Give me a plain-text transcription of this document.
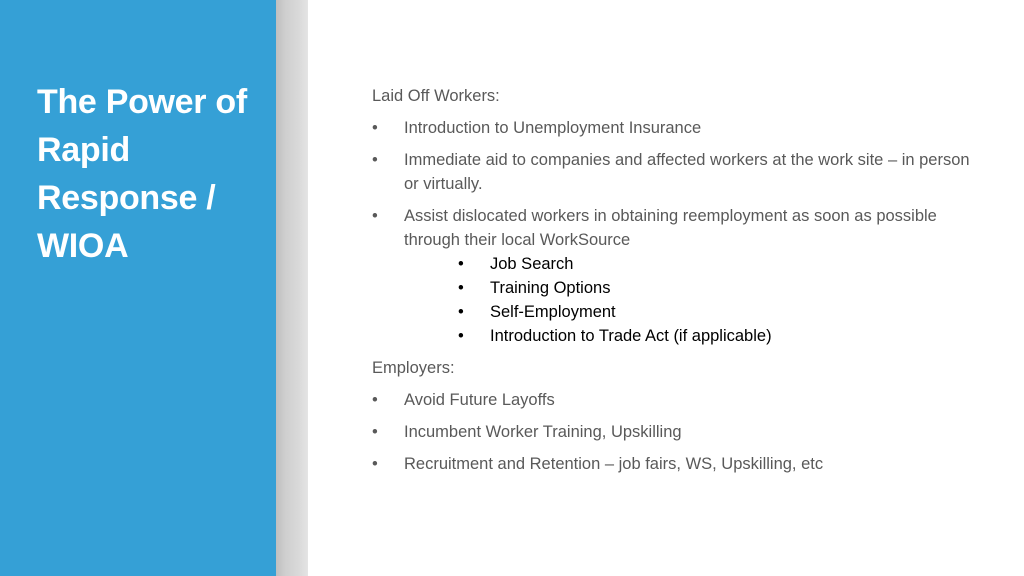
The Power of Rapid Response / WIOA
Laid Off Workers:
• Introduction to Unemployment Insurance
• Immediate aid to companies and affected workers at the work site – in person or virtually.
• Assist dislocated workers in obtaining reemployment as soon as possible through their local WorkSource
• Job Search
• Training Options
• Self-Employment
• Introduction to Trade Act (if applicable)
Employers:
• Avoid Future Layoffs
• Incumbent Worker Training, Upskilling
• Recruitment and Retention – job fairs, WS, Upskilling, etc
